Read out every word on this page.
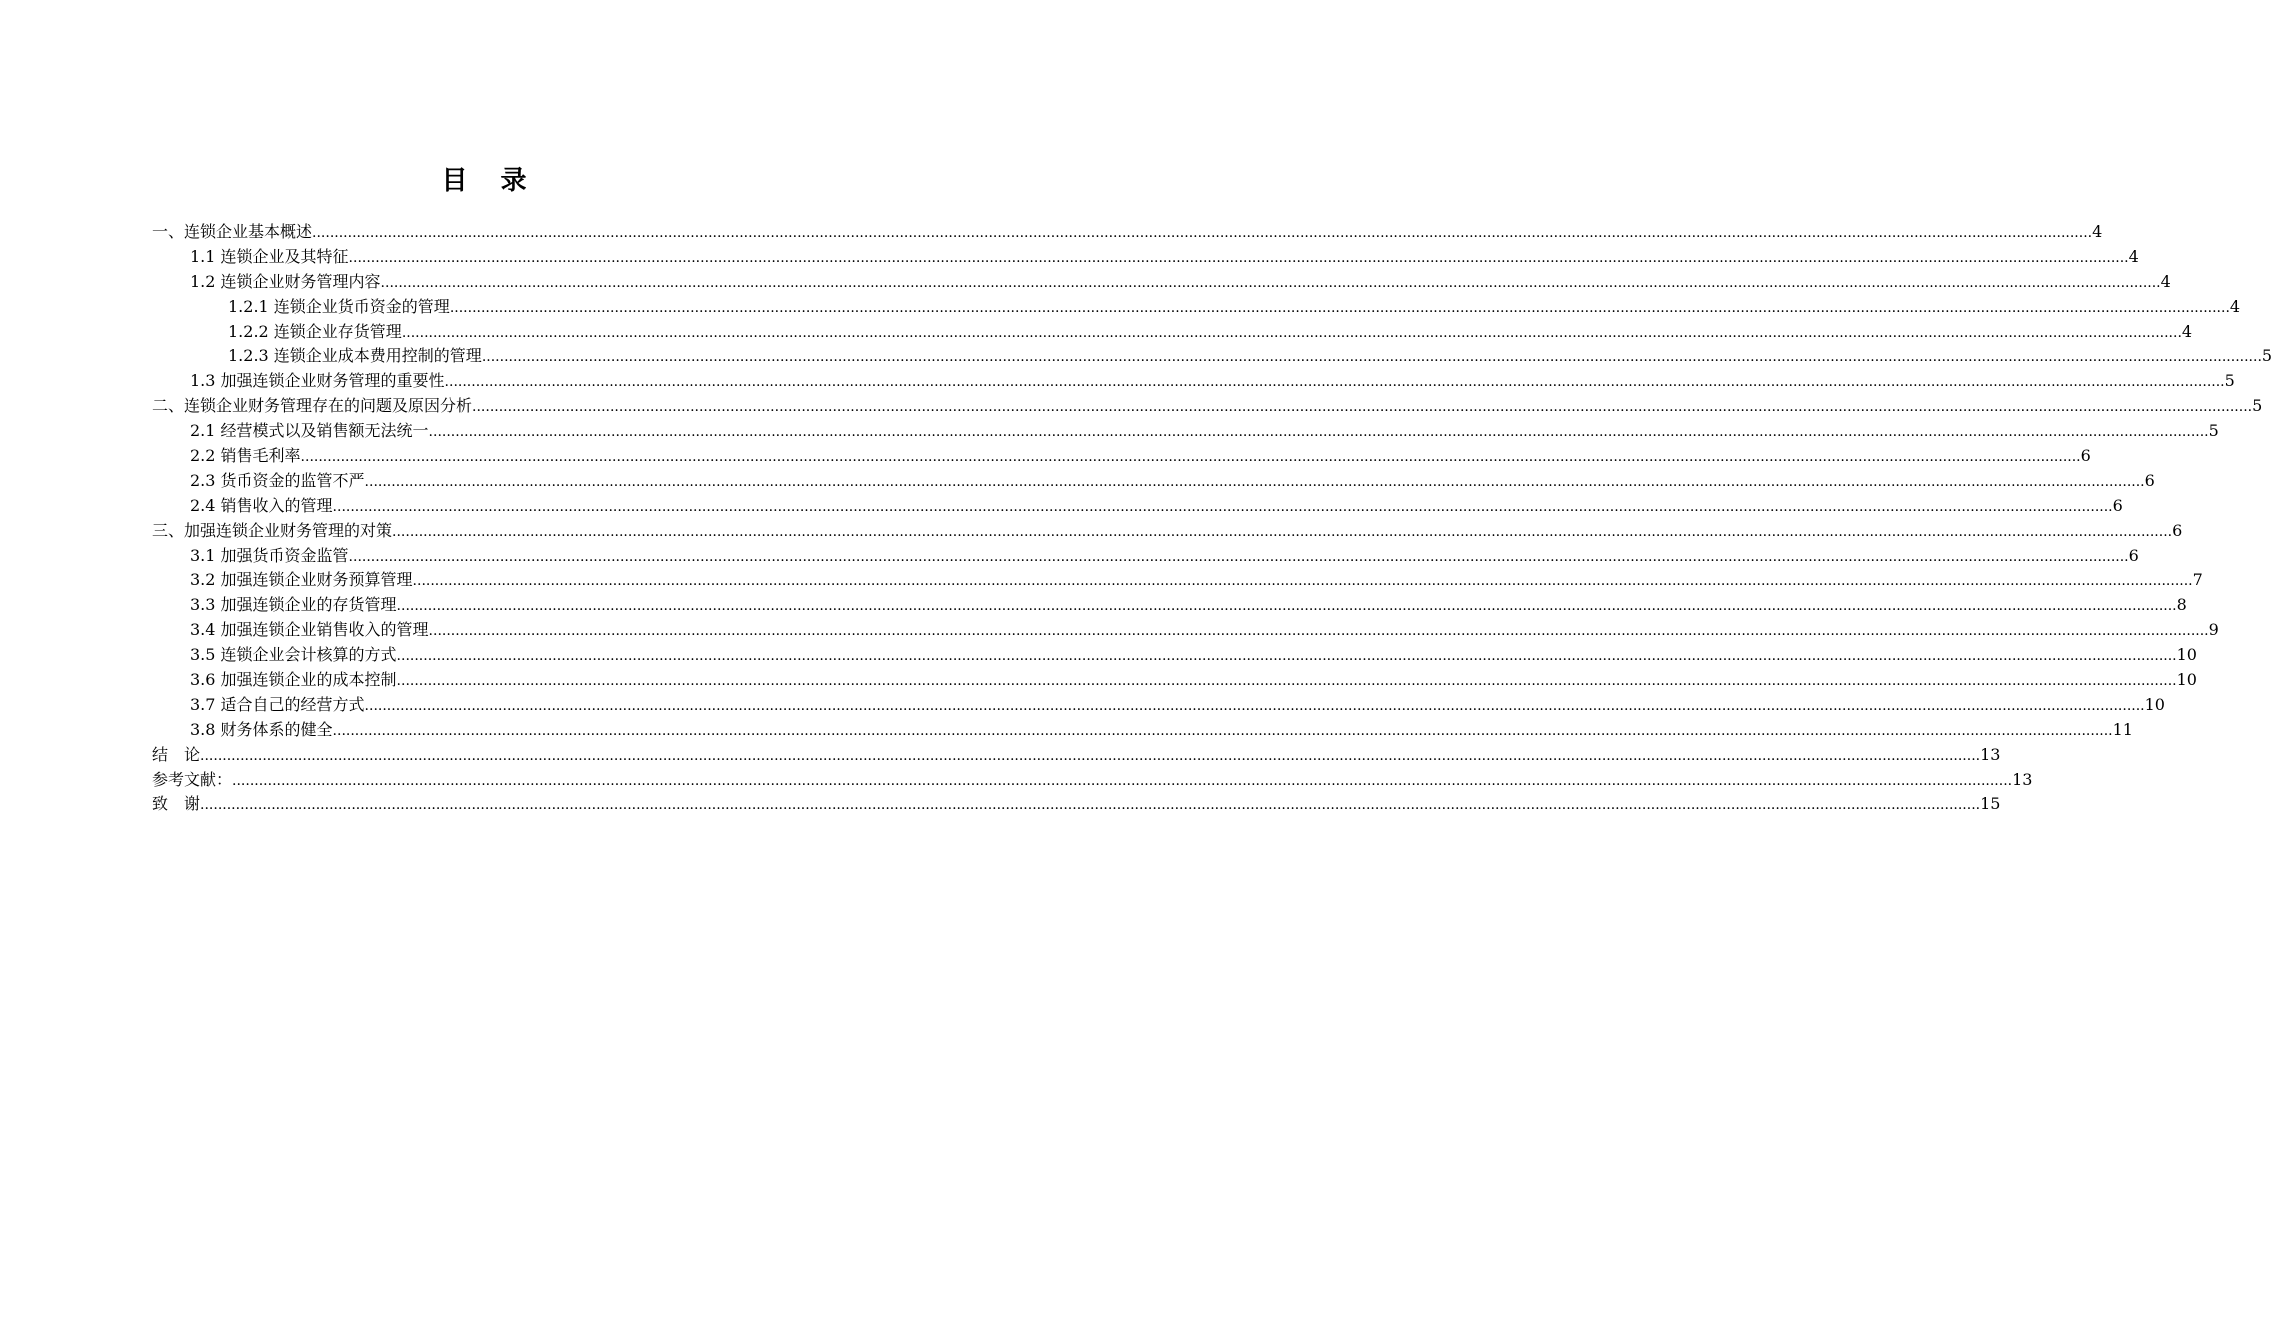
目 录
一、连锁企业基本概述 ................................................................................................................................................................................................................................................................................................................................................................................................................ 4
1.1 连锁企业及其特征 ................................................................................................................................................................................................................................................................................................................................................................................................................ 4
1.2 连锁企业财务管理内容 ................................................................................................................................................................................................................................................................................................................................................................................................................ 4
1.2.1 连锁企业货币资金的管理 ................................................................................................................................................................................................................................................................................................................................................................................................................ 4
1.2.2 连锁企业存货管理 ................................................................................................................................................................................................................................................................................................................................................................................................................ 4
1.2.3 连锁企业成本费用控制的管理 ................................................................................................................................................................................................................................................................................................................................................................................................................ 5
1.3 加强连锁企业财务管理的重要性 ................................................................................................................................................................................................................................................................................................................................................................................................................ 5
二、连锁企业财务管理存在的问题及原因分析 ................................................................................................................................................................................................................................................................................................................................................................................................................ 5
2.1 经营模式以及销售额无法统一 ................................................................................................................................................................................................................................................................................................................................................................................................................ 5
2.2 销售毛利率 ................................................................................................................................................................................................................................................................................................................................................................................................................ 6
2.3 货币资金的监管不严 ................................................................................................................................................................................................................................................................................................................................................................................................................ 6
2.4 销售收入的管理 ................................................................................................................................................................................................................................................................................................................................................................................................................ 6
三、加强连锁企业财务管理的对策 ................................................................................................................................................................................................................................................................................................................................................................................................................ 6
3.1 加强货币资金监管 ................................................................................................................................................................................................................................................................................................................................................................................................................ 6
3.2 加强连锁企业财务预算管理 ................................................................................................................................................................................................................................................................................................................................................................................................................ 7
3.3 加强连锁企业的存货管理 ................................................................................................................................................................................................................................................................................................................................................................................................................ 8
3.4 加强连锁企业销售收入的管理 ................................................................................................................................................................................................................................................................................................................................................................................................................ 9
3.5 连锁企业会计核算的方式 ................................................................................................................................................................................................................................................................................................................................................................................................................ 10
3.6 加强连锁企业的成本控制 ................................................................................................................................................................................................................................................................................................................................................................................................................ 10
3.7 适合自己的经营方式 ................................................................................................................................................................................................................................................................................................................................................................................................................ 10
3.8 财务体系的健全 ................................................................................................................................................................................................................................................................................................................................................................................................................ 11
结　论 ................................................................................................................................................................................................................................................................................................................................................................................................................ 13
参考文献： ................................................................................................................................................................................................................................................................................................................................................................................................................ 13
致　谢 ................................................................................................................................................................................................................................................................................................................................................................................................................ 15
